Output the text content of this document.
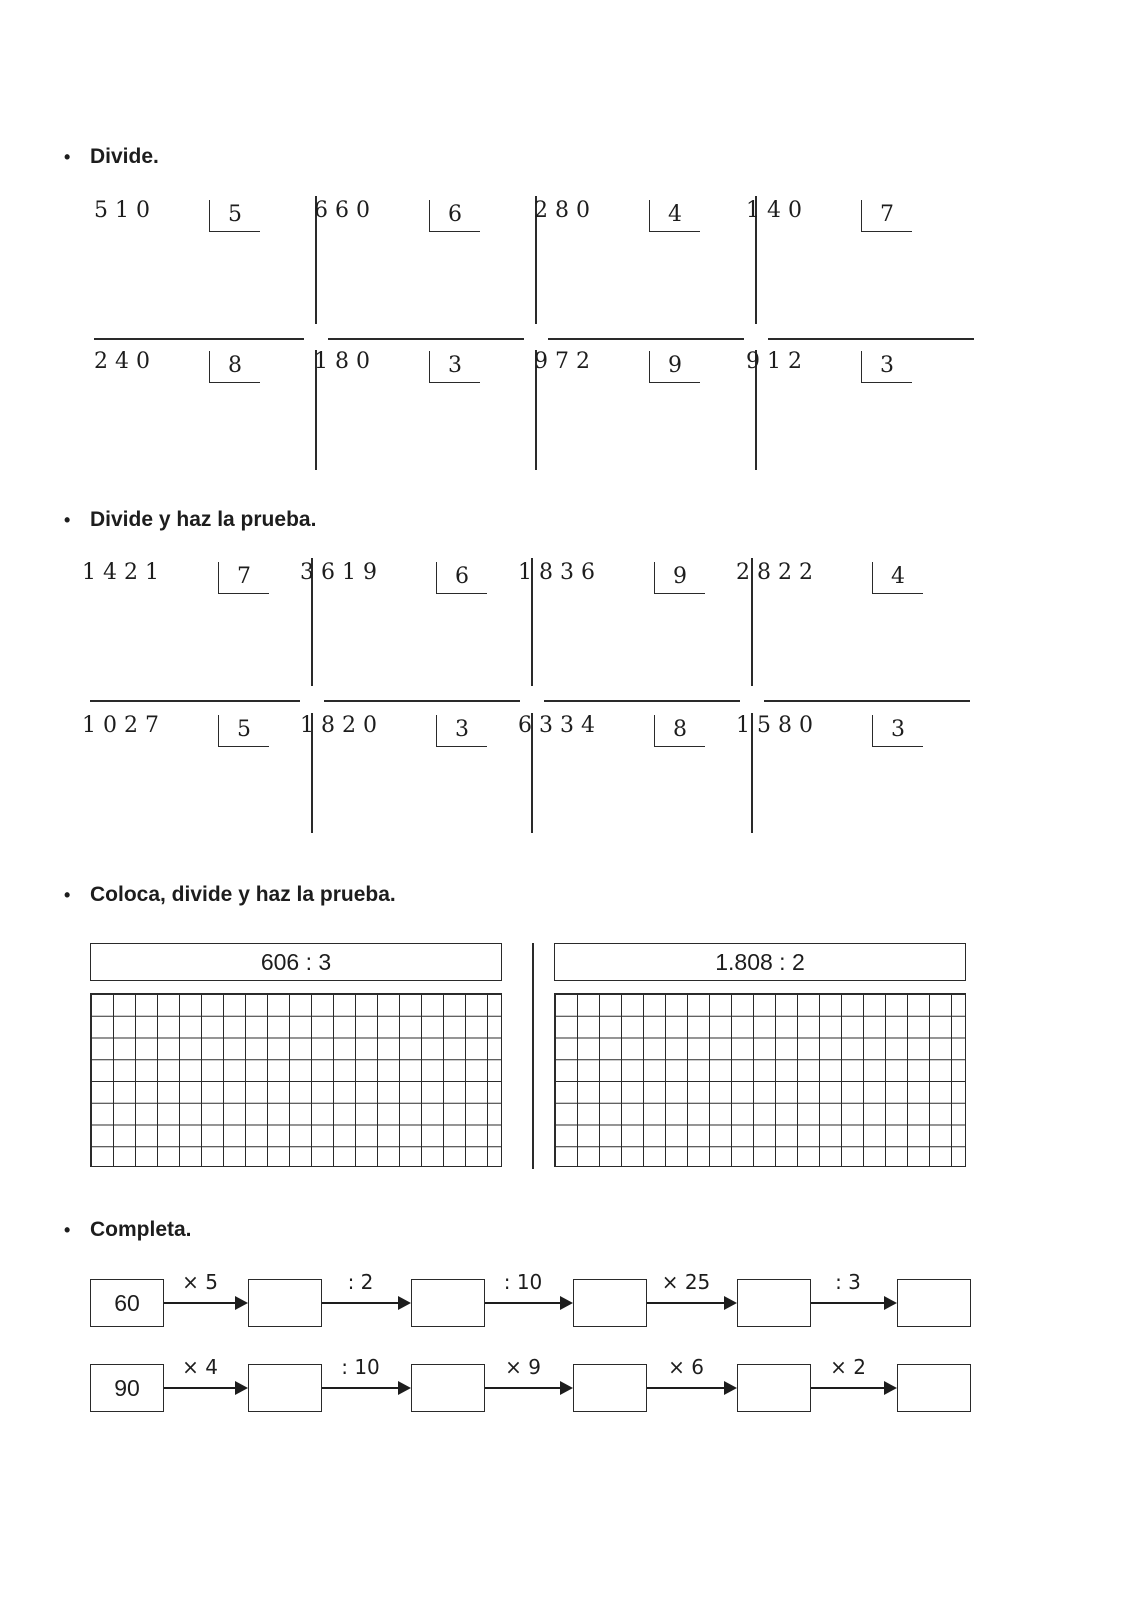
• Divide.
510	5	660	6	280	4	140	7
240	8	180	3	972	9	912	3
• Divide y haz la prueba.
1421	7	3619	6	1836	9	2822	4
1027	5	1820	3	6334	8	1580	3
• Coloca, divide y haz la prueba.
606 : 3	1.808 : 2
• Completa.
60
× 5	: 2	: 10	× 25	: 3
90
× 4	: 10	× 9	× 6	× 2
